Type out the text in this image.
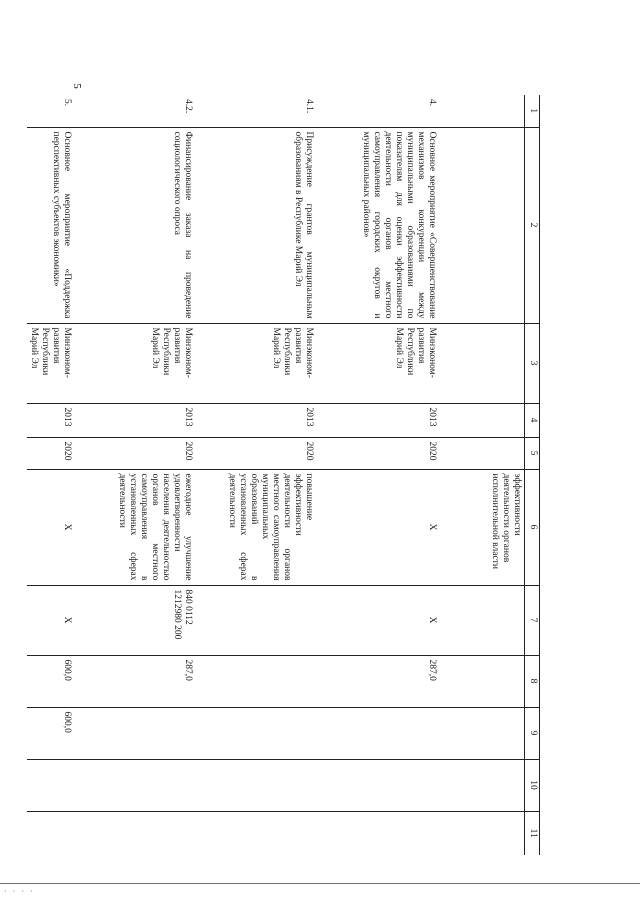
5
1	2	3	4	5	6	7	8	9	10	11
					эффективности деятельности органов исполнительной власти					
4.	Основное мероприятие «Совершенствование механизмов конкуренции между муниципальными образованиями по показателям для оценки эффективности деятельности органов местного самоуправления городских округов и муниципальных районов»	Минэконом-развития Республики Марий Эл	2013	2020	X	X	287,0			
4.1.	Присуждение грантов муниципальным образованиям в Республике Марий Эл	Минэконом-развития Республики Марий Эл	2013	2020	повышение эффективности деятельности органов местного самоуправления муниципальных образований в установленных сферах деятельности					
4.2.	Финансирование заказа на проведение социологического опроса	Минэконом-развития Республики Марий Эл	2013	2020	ежегодное улучшение удовлетворенности населения деятельностью органов местного самоуправления в установленных сферах деятельности	840 0112 1212980 200	287,0			
5.	Основное мероприятие «Поддержка перспективных субъектов экономики»	Минэконом-развития Республики Марий Эл	2013	2020	X	X	600,0	600,0		
· · · ·
